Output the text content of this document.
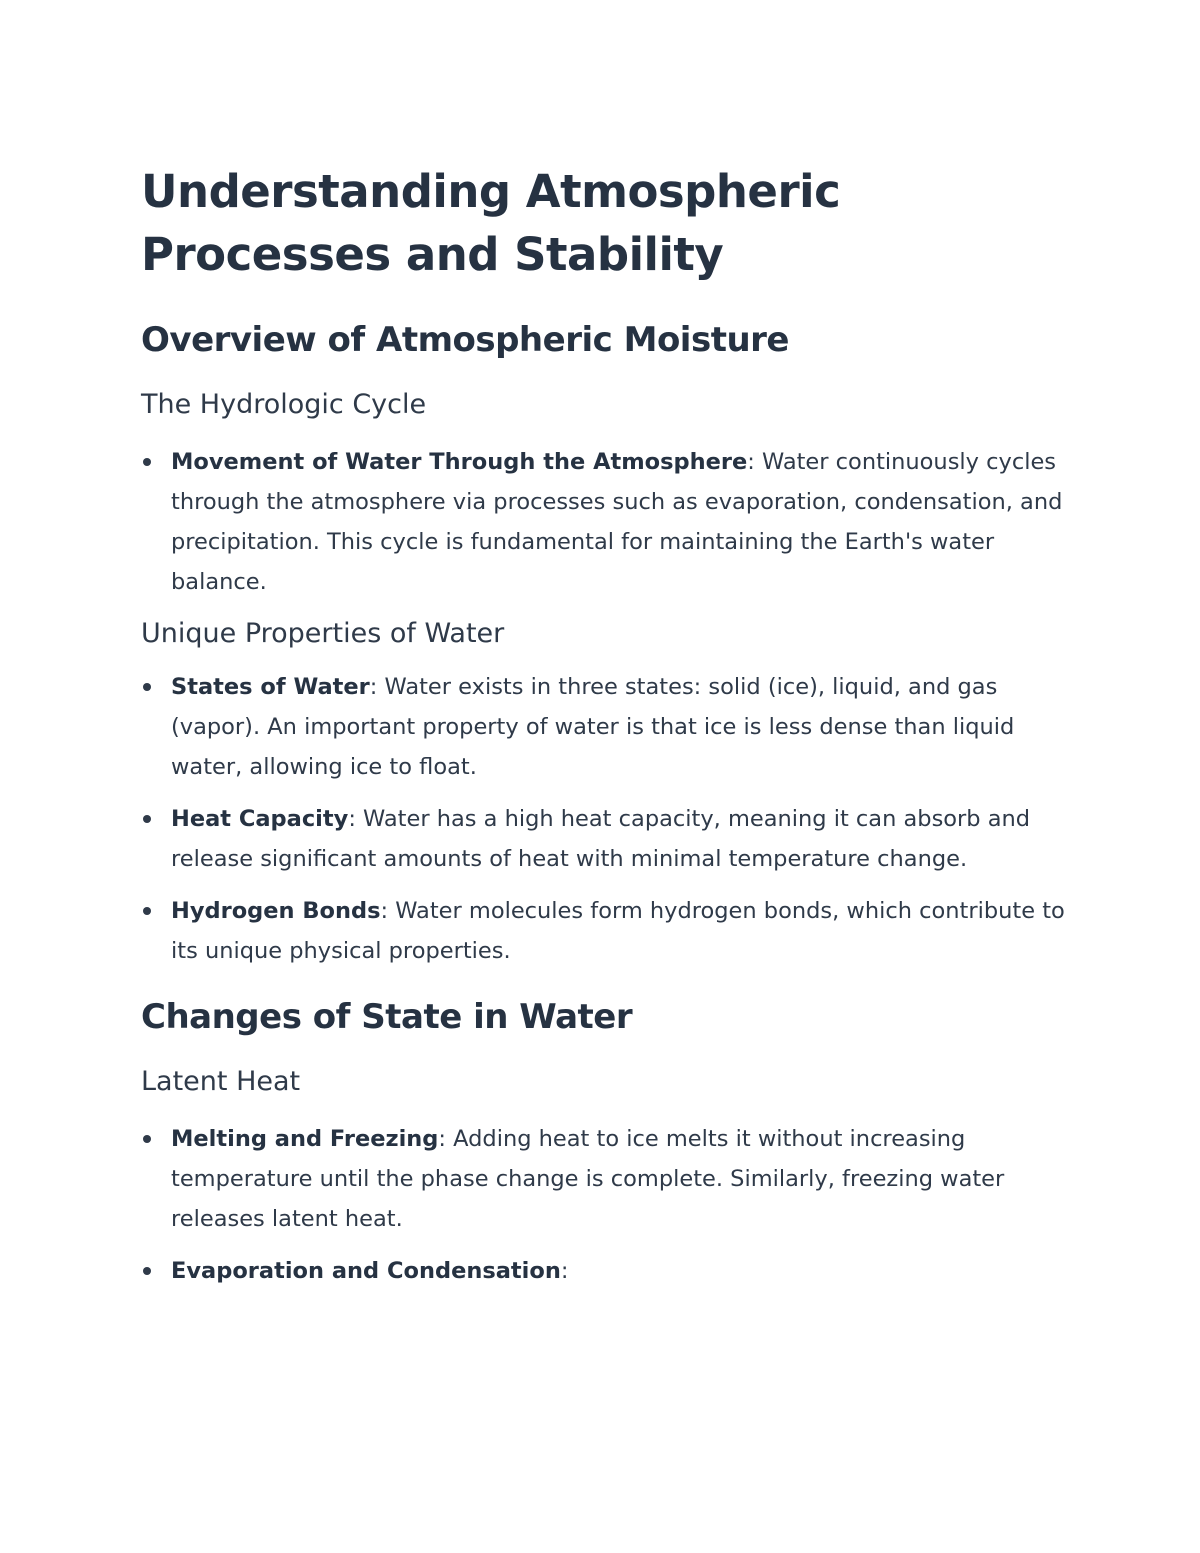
Understanding Atmospheric Processes and Stability
Overview of Atmospheric Moisture
The Hydrologic Cycle
Movement of Water Through the Atmosphere: Water continuously cycles through the atmosphere via processes such as evaporation, condensation, and precipitation. This cycle is fundamental for maintaining the Earth's water balance.
Unique Properties of Water
States of Water: Water exists in three states: solid (ice), liquid, and gas (vapor). An important property of water is that ice is less dense than liquid water, allowing ice to float.
Heat Capacity: Water has a high heat capacity, meaning it can absorb and release significant amounts of heat with minimal temperature change.
Hydrogen Bonds: Water molecules form hydrogen bonds, which contribute to its unique physical properties.
Changes of State in Water
Latent Heat
Melting and Freezing: Adding heat to ice melts it without increasing temperature until the phase change is complete. Similarly, freezing water releases latent heat.
Evaporation and Condensation:
